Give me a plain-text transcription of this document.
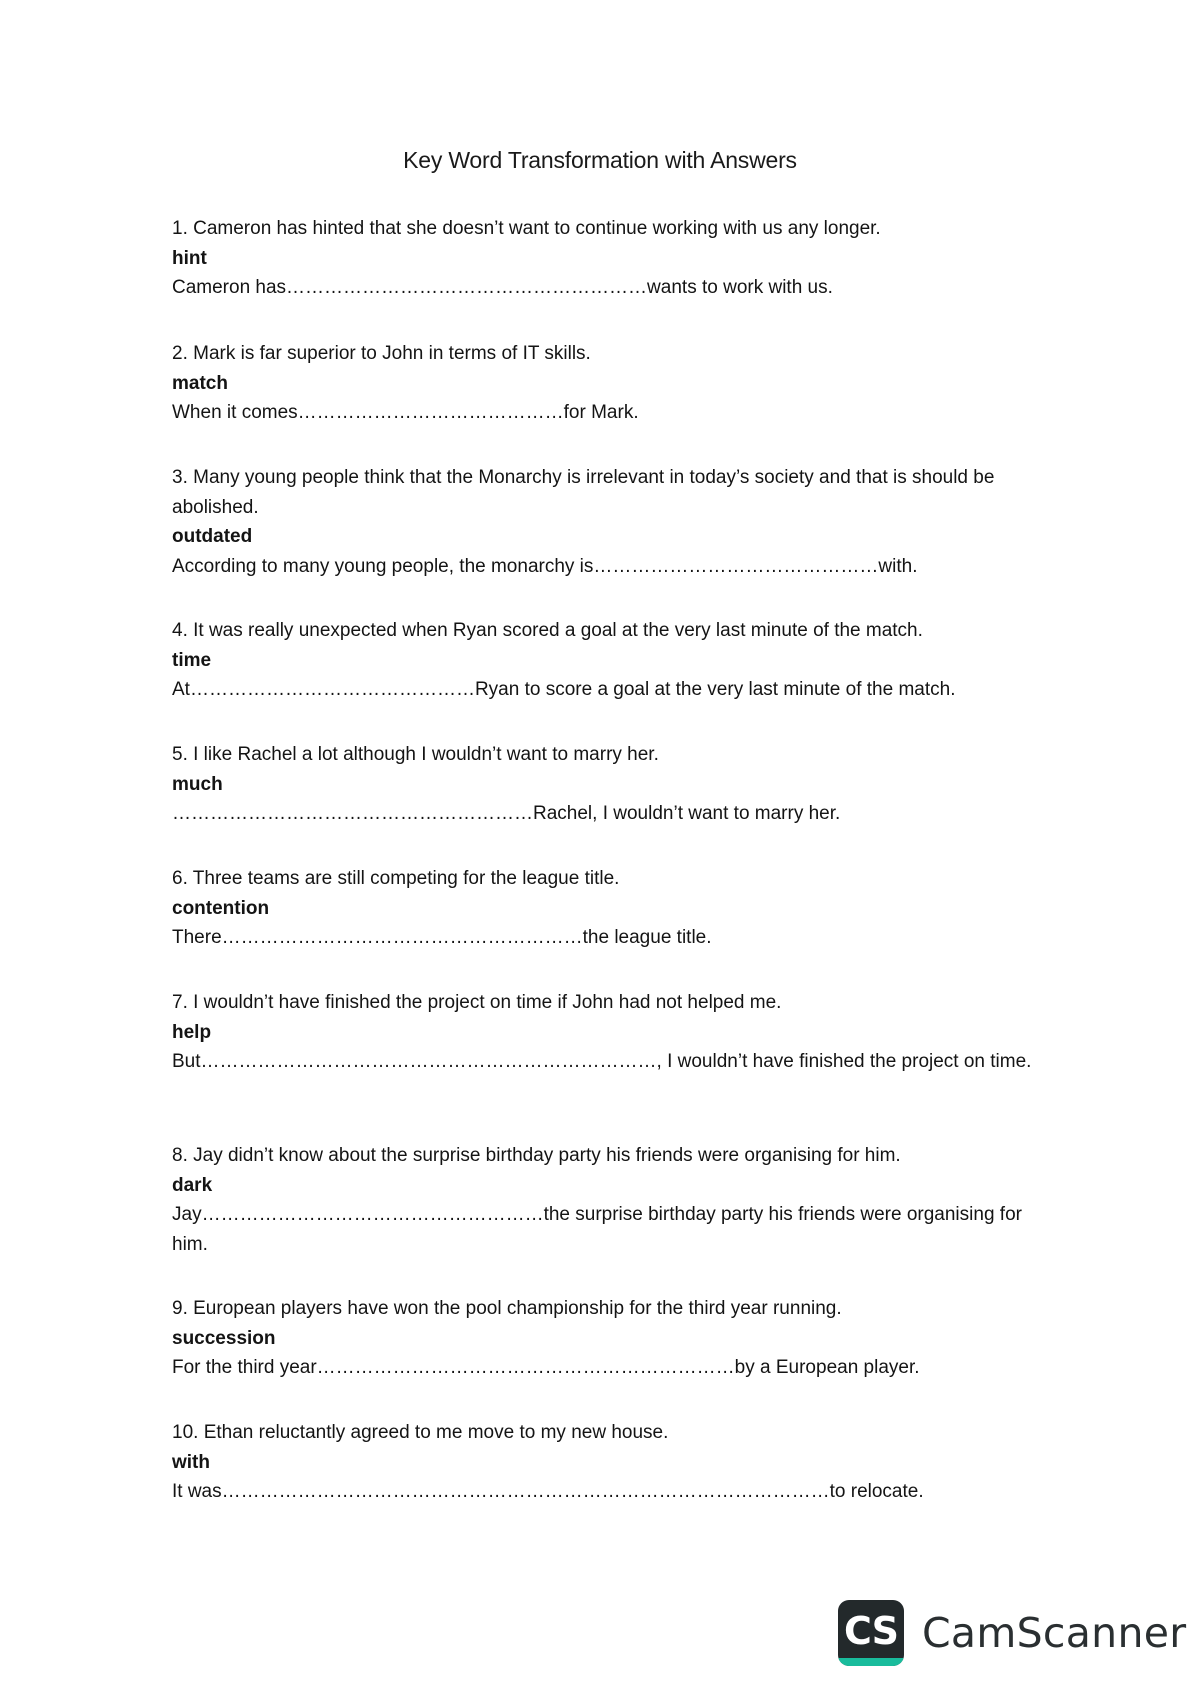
Key Word Transformation with Answers

1. Cameron has hinted that she doesn’t want to continue working with us any longer.

hint

Cameron has…………………………………………………wants to work with us.

2. Mark is far superior to John in terms of IT skills.

match

When it comes……………………………………for Mark.

3. Many young people think that the Monarchy is irrelevant in today’s society and that is should be abolished.

outdated

According to many young people, the monarchy is………………………………………with.

4. It was really unexpected when Ryan scored a goal at the very last minute of the match.

time

At………………………………………Ryan to score a goal at the very last minute of the match.

5. I like Rachel a lot although I wouldn’t want to marry her.

much

…………………………………………………Rachel, I wouldn’t want to marry her.

6. Three teams are still competing for the league title.

contention

There…………………………………………………the league title.

7. I wouldn’t have finished the project on time if John had not helped me.

help

But………………………………………………………………, I wouldn’t have finished the project on time.

8. Jay didn’t know about the surprise birthday party his friends were organising for him.

dark

Jay………………………………………………the surprise birthday party his friends were organising for him.

9. European players have won the pool championship for the third year running.

succession

For the third year…………………………………………………………by a European player.

10. Ethan reluctantly agreed to me move to my new house.

with

It was……………………………………………………………………………………to relocate.

CS CamScanner
